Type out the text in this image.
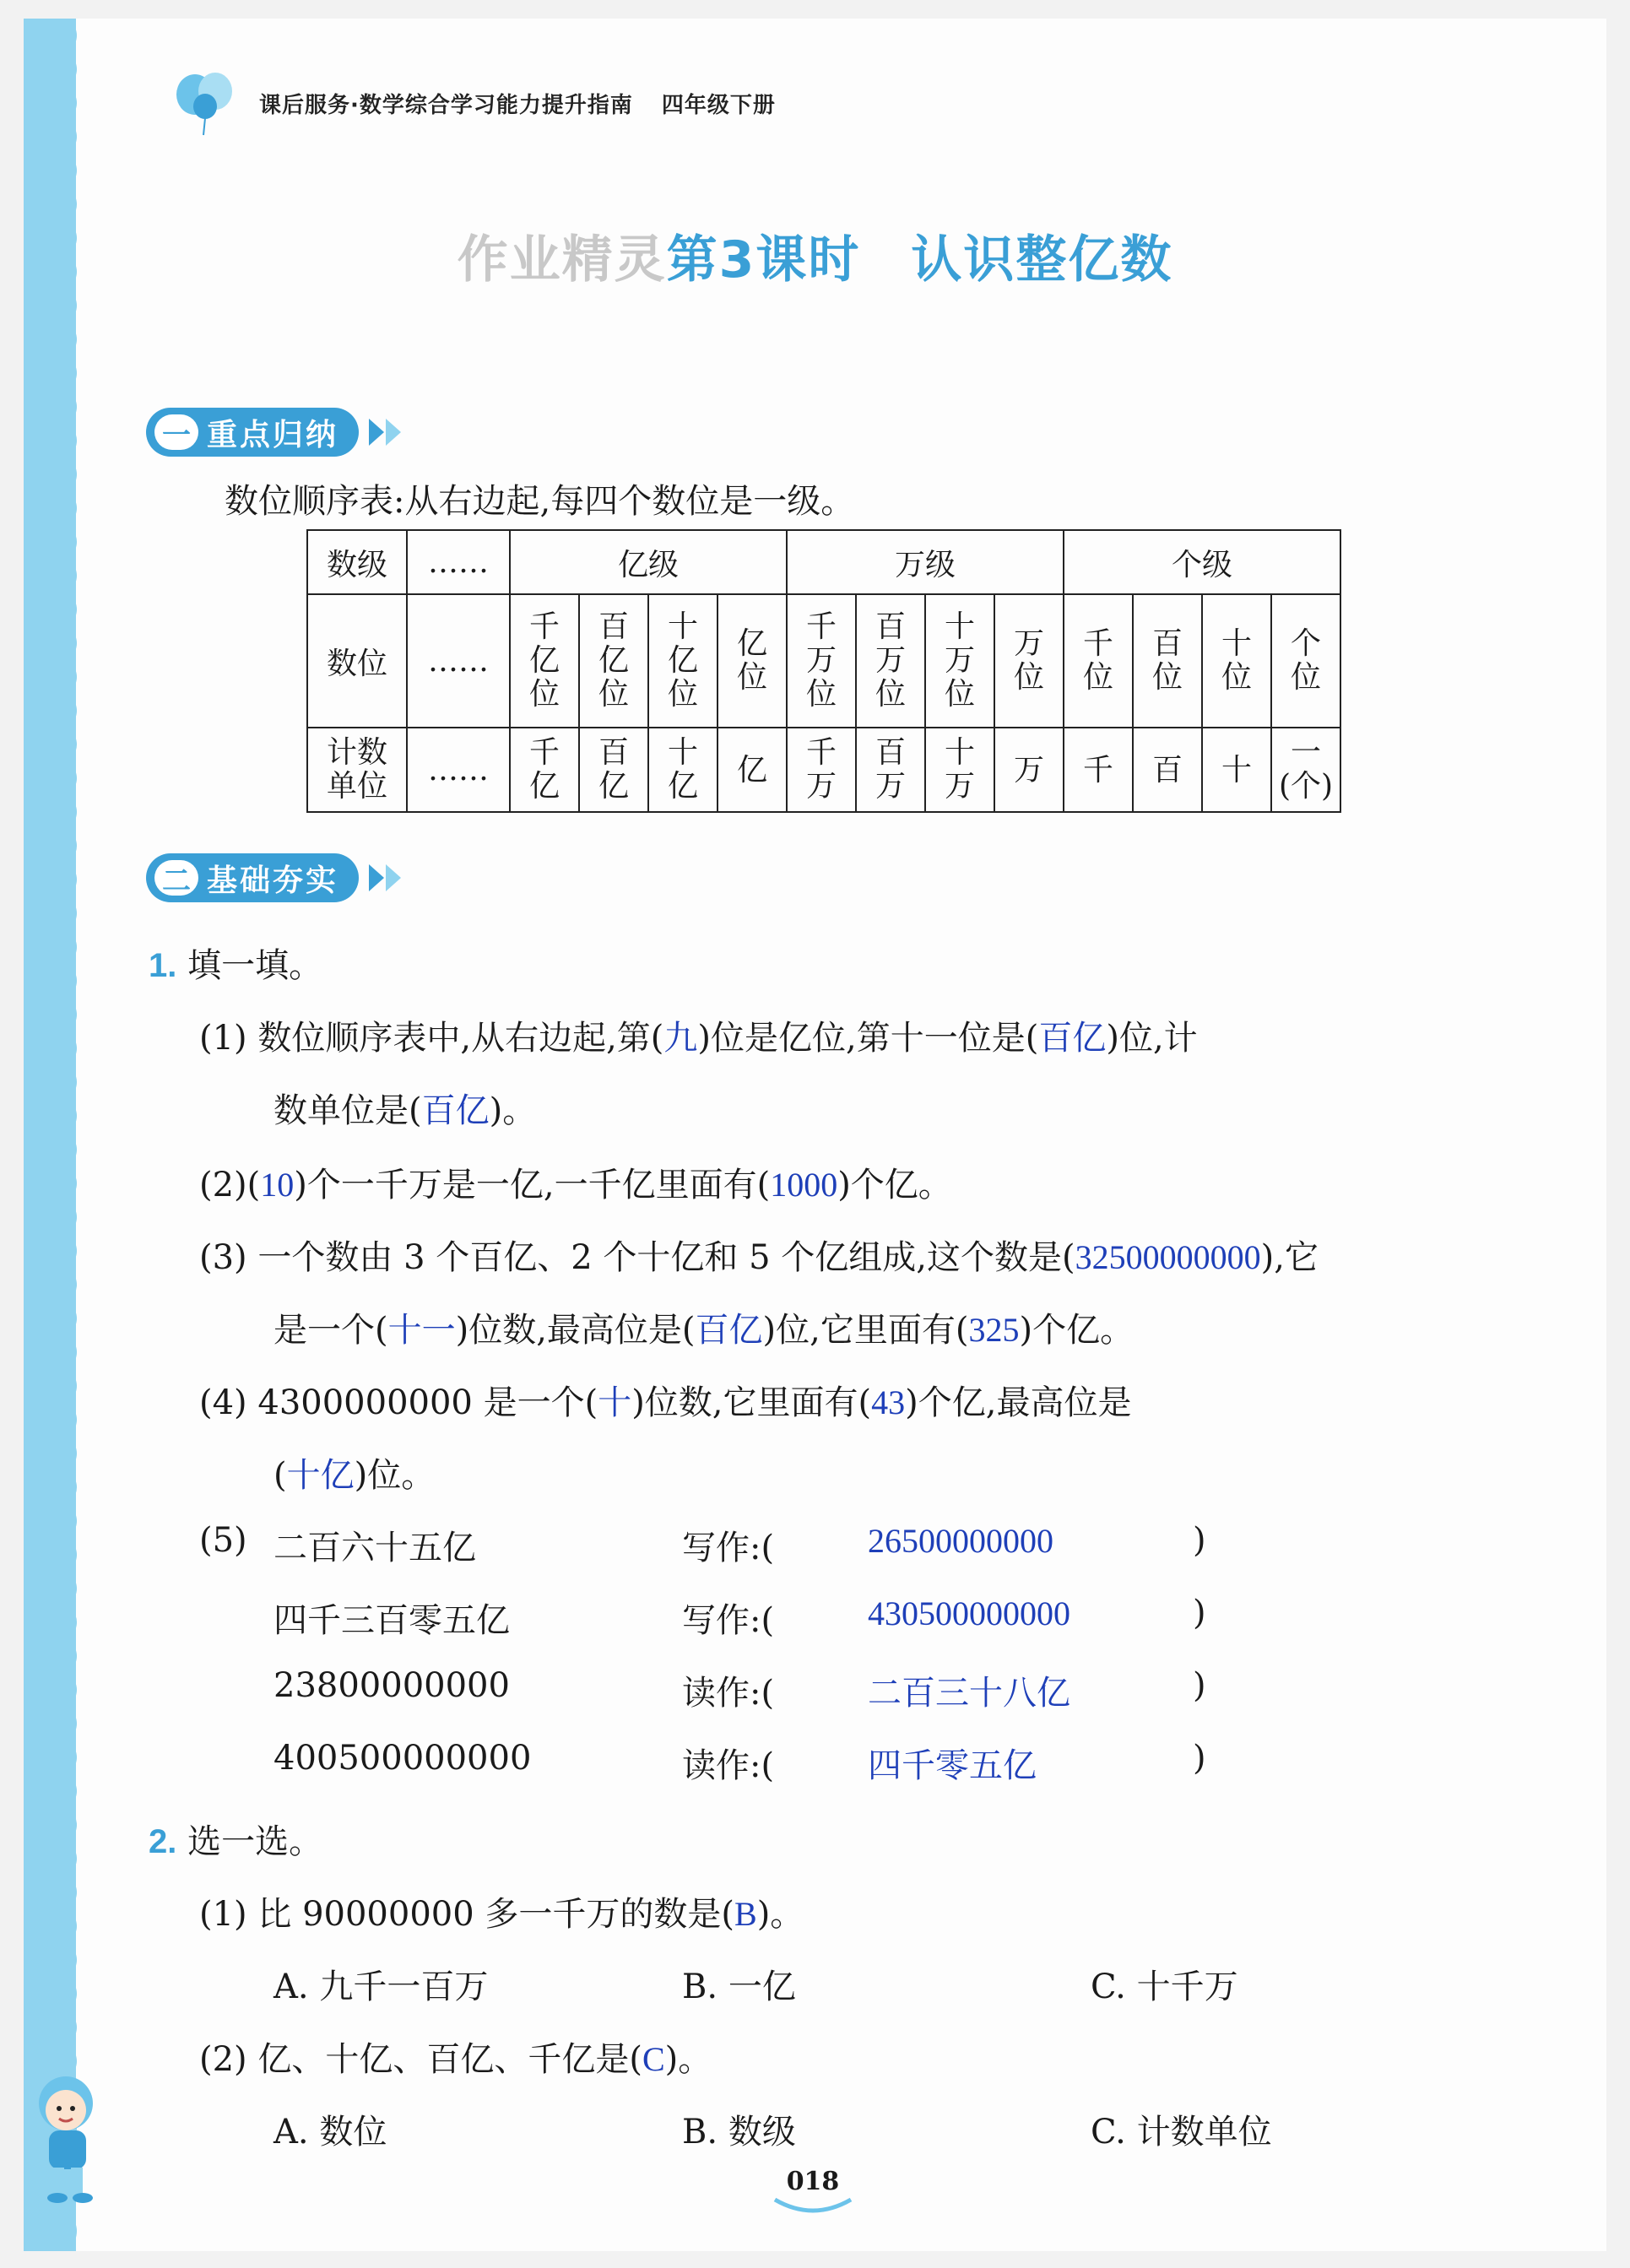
课后服务·数学综合学习能力提升指南 四年级下册
作业精灵第3课时 认识整亿数
一 重点归纳
数位顺序表:从右边起,每四个数位是一级。
数级	……	亿级				万级				个级			
数位	……	千亿位	百亿位	十亿位	亿位	千万位	百万位	十万位	万位	千位	百位	十位	个位
计数单位	……	千亿	百亿	十亿	亿	千万	百万	十万	万	千	百	十	一(个)
二 基础夯实
1. 填一填。
(1) 数位顺序表中,从右边起,第(九)位是亿位,第十一位是(百亿)位,计
数单位是(百亿)。
(2)(10)个一千万是一亿,一千亿里面有(1000)个亿。
(3) 一个数由 3 个百亿、2 个十亿和 5 个亿组成,这个数是(32500000000),它
是一个(十一)位数,最高位是(百亿)位,它里面有(325)个亿。
(4) 4300000000 是一个(十)位数,它里面有(43)个亿,最高位是
(十亿)位。
(5) 二百六十五亿	写作:(	26500000000	)
四千三百零五亿	写作:(	430500000000	)
23800000000	读作:(	二百三十八亿	)
400500000000	读作:(	四千零五亿	)
2. 选一选。
(1) 比 90000000 多一千万的数是(B)。
A. 九千一百万	B. 一亿	C. 十千万
(2) 亿、十亿、百亿、千亿是(C)。
A. 数位	B. 数级	C. 计数单位
018
